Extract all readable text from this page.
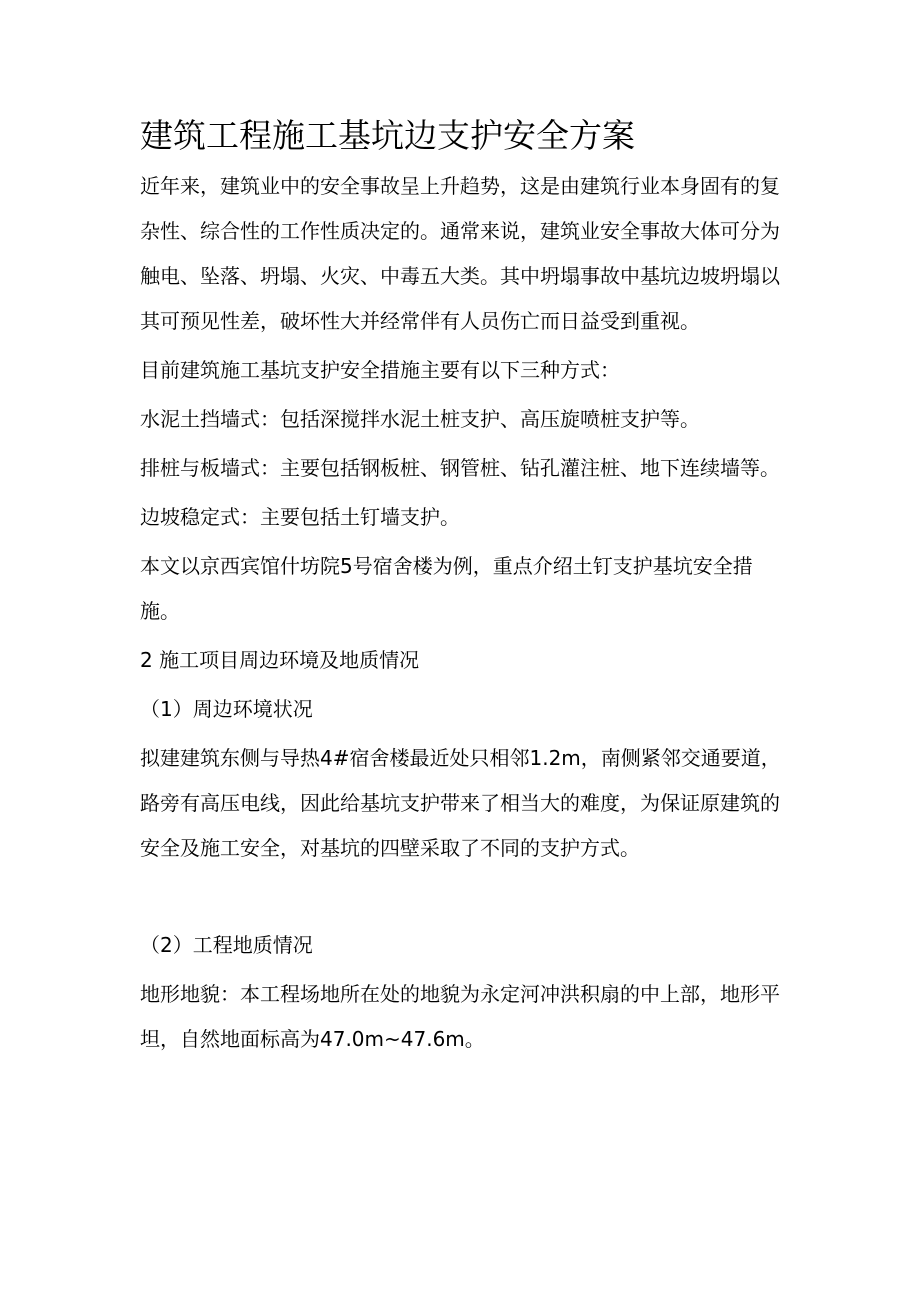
建筑工程施工基坑边支护安全方案

近年来，建筑业中的安全事故呈上升趋势，这是由建筑行业本身固有的复杂性、综合性的工作性质决定的。通常来说，建筑业安全事故大体可分为触电、坠落、坍塌、火灾、中毒五大类。其中坍塌事故中基坑边坡坍塌以其可预见性差，破坏性大并经常伴有人员伤亡而日益受到重视。

目前建筑施工基坑支护安全措施主要有以下三种方式：

水泥土挡墙式：包括深搅拌水泥土桩支护、高压旋喷桩支护等。

排桩与板墙式：主要包括钢板桩、钢管桩、钻孔灌注桩、地下连续墙等。

边坡稳定式：主要包括土钉墙支护。

本文以京西宾馆什坊院5号宿舍楼为例，重点介绍土钉支护基坑安全措施。

2 施工项目周边环境及地质情况

（1）周边环境状况

拟建建筑东侧与导热4#宿舍楼最近处只相邻1.2m，南侧紧邻交通要道，路旁有高压电线，因此给基坑支护带来了相当大的难度，为保证原建筑的安全及施工安全，对基坑的四壁采取了不同的支护方式。

（2）工程地质情况

地形地貌：本工程场地所在处的地貌为永定河冲洪积扇的中上部，地形平坦，自然地面标高为47.0m~47.6m。
